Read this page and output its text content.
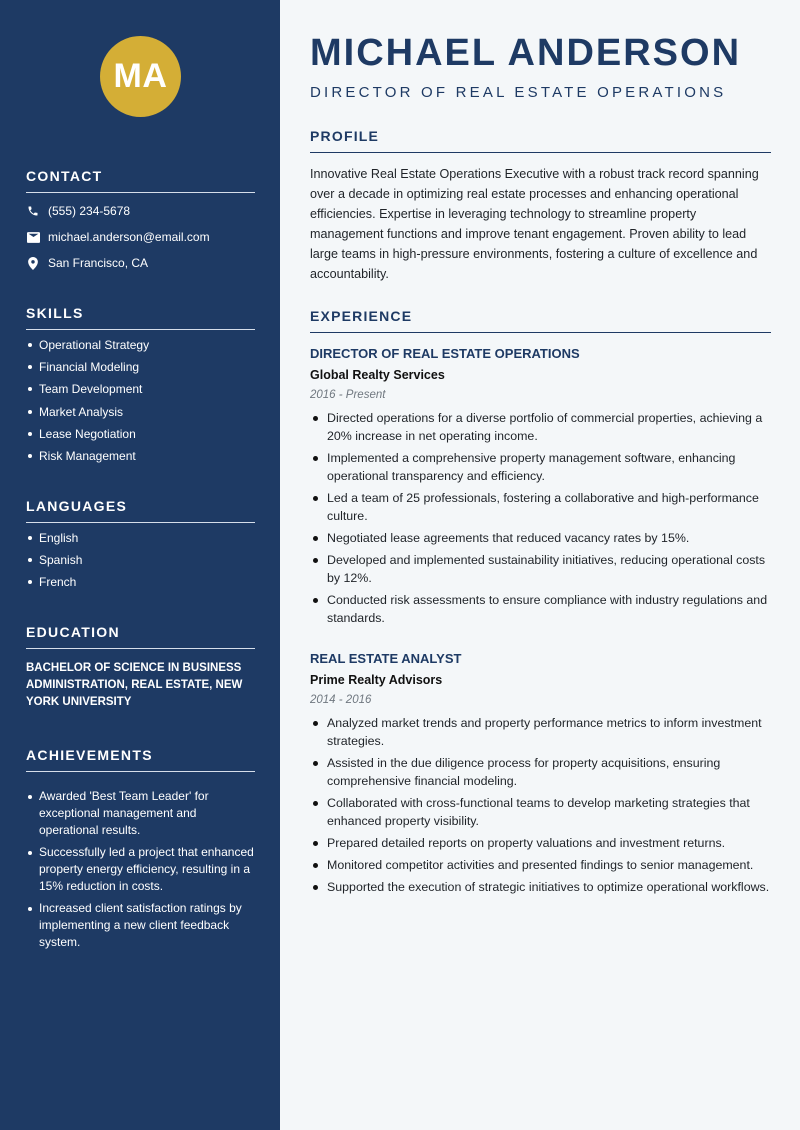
MA
CONTACT
(555) 234-5678
michael.anderson@email.com
San Francisco, CA
SKILLS
Operational Strategy
Financial Modeling
Team Development
Market Analysis
Lease Negotiation
Risk Management
LANGUAGES
English
Spanish
French
EDUCATION
BACHELOR OF SCIENCE IN BUSINESS ADMINISTRATION, REAL ESTATE, NEW YORK UNIVERSITY
ACHIEVEMENTS
Awarded 'Best Team Leader' for exceptional management and operational results.
Successfully led a project that enhanced property energy efficiency, resulting in a 15% reduction in costs.
Increased client satisfaction ratings by implementing a new client feedback system.
MICHAEL ANDERSON
DIRECTOR OF REAL ESTATE OPERATIONS
PROFILE

Innovative Real Estate Operations Executive with a robust track record spanning over a decade in optimizing real estate processes and enhancing operational efficiencies. Expertise in leveraging technology to streamline property management functions and improve tenant engagement. Proven ability to lead large teams in high-pressure environments, fostering a culture of excellence and accountability.

EXPERIENCE
DIRECTOR OF REAL ESTATE OPERATIONS
Global Realty Services
2016 - Present
Directed operations for a diverse portfolio of commercial properties, achieving a 20% increase in net operating income.
Implemented a comprehensive property management software, enhancing operational transparency and efficiency.
Led a team of 25 professionals, fostering a collaborative and high-performance culture.
Negotiated lease agreements that reduced vacancy rates by 15%.
Developed and implemented sustainability initiatives, reducing operational costs by 12%.
Conducted risk assessments to ensure compliance with industry regulations and standards.
REAL ESTATE ANALYST
Prime Realty Advisors
2014 - 2016
Analyzed market trends and property performance metrics to inform investment strategies.
Assisted in the due diligence process for property acquisitions, ensuring comprehensive financial modeling.
Collaborated with cross-functional teams to develop marketing strategies that enhanced property visibility.
Prepared detailed reports on property valuations and investment returns.
Monitored competitor activities and presented findings to senior management.
Supported the execution of strategic initiatives to optimize operational workflows.
